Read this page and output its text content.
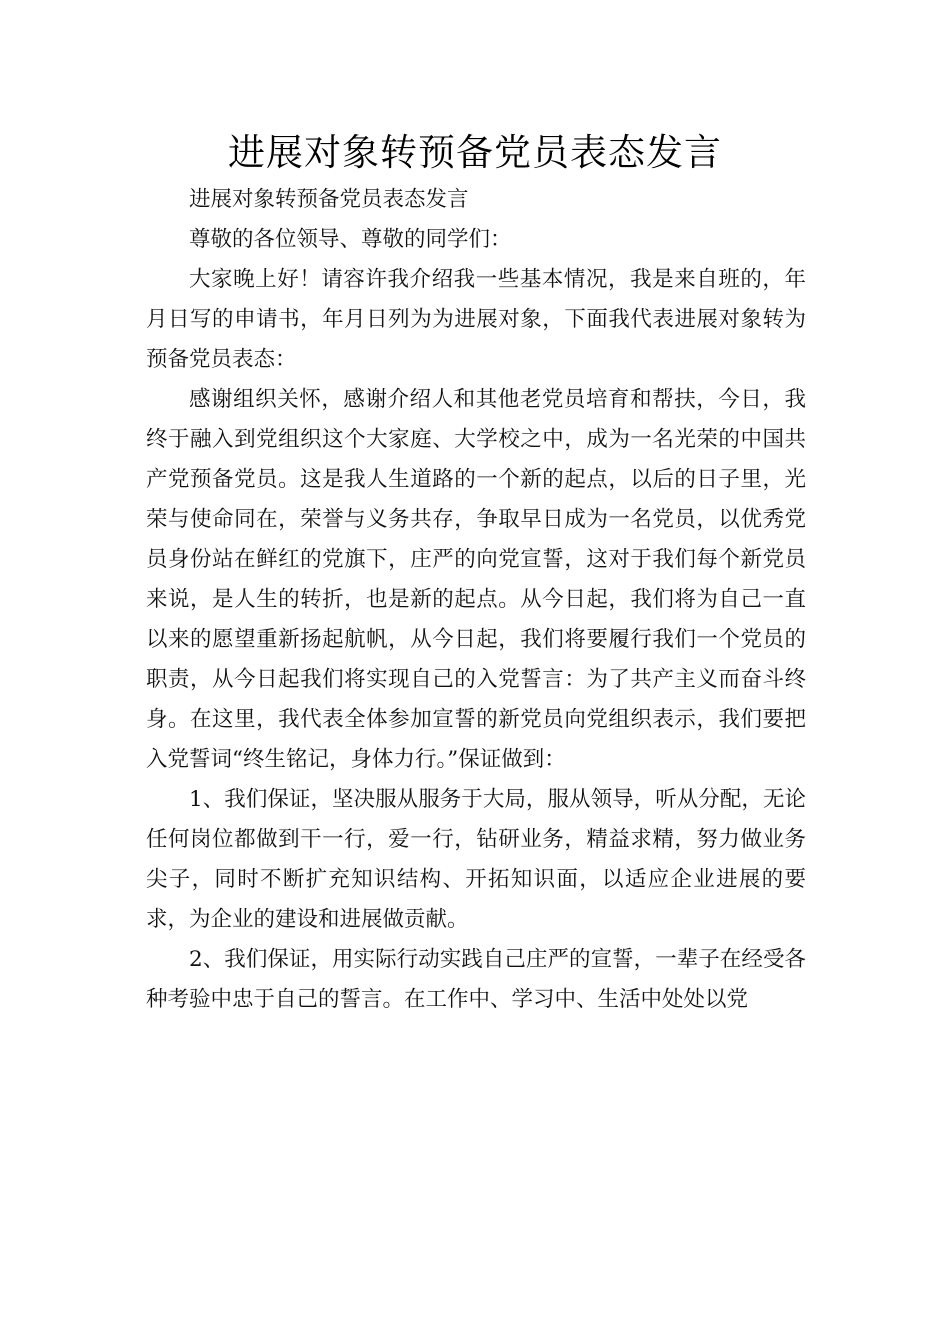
进展对象转预备党员表态发言

进展对象转预备党员表态发言

尊敬的各位领导、尊敬的同学们：

大家晚上好！请容许我介绍我一些基本情况，我是来自班的，年月日写的申请书，年月日列为为进展对象，下面我代表进展对象转为预备党员表态：

感谢组织关怀，感谢介绍人和其他老党员培育和帮扶，今日，我终于融入到党组织这个大家庭、大学校之中，成为一名光荣的中国共产党预备党员。这是我人生道路的一个新的起点，以后的日子里，光荣与使命同在，荣誉与义务共存，争取早日成为一名党员，以优秀党员身份站在鲜红的党旗下，庄严的向党宣誓，这对于我们每个新党员来说，是人生的转折，也是新的起点。从今日起，我们将为自己一直以来的愿望重新扬起航帆，从今日起，我们将要履行我们一个党员的职责，从今日起我们将实现自己的入党誓言：为了共产主义而奋斗终身。在这里，我代表全体参加宣誓的新党员向党组织表示，我们要把入党誓词“终生铭记，身体力行。”保证做到：

1、我们保证，坚决服从服务于大局，服从领导，听从分配，无论任何岗位都做到干一行，爱一行，钻研业务，精益求精，努力做业务尖子，同时不断扩充知识结构、开拓知识面，以适应企业进展的要求，为企业的建设和进展做贡献。

2、我们保证，用实际行动实践自己庄严的宣誓，一辈子在经受各种考验中忠于自己的誓言。在工作中、学习中、生活中处处以党
